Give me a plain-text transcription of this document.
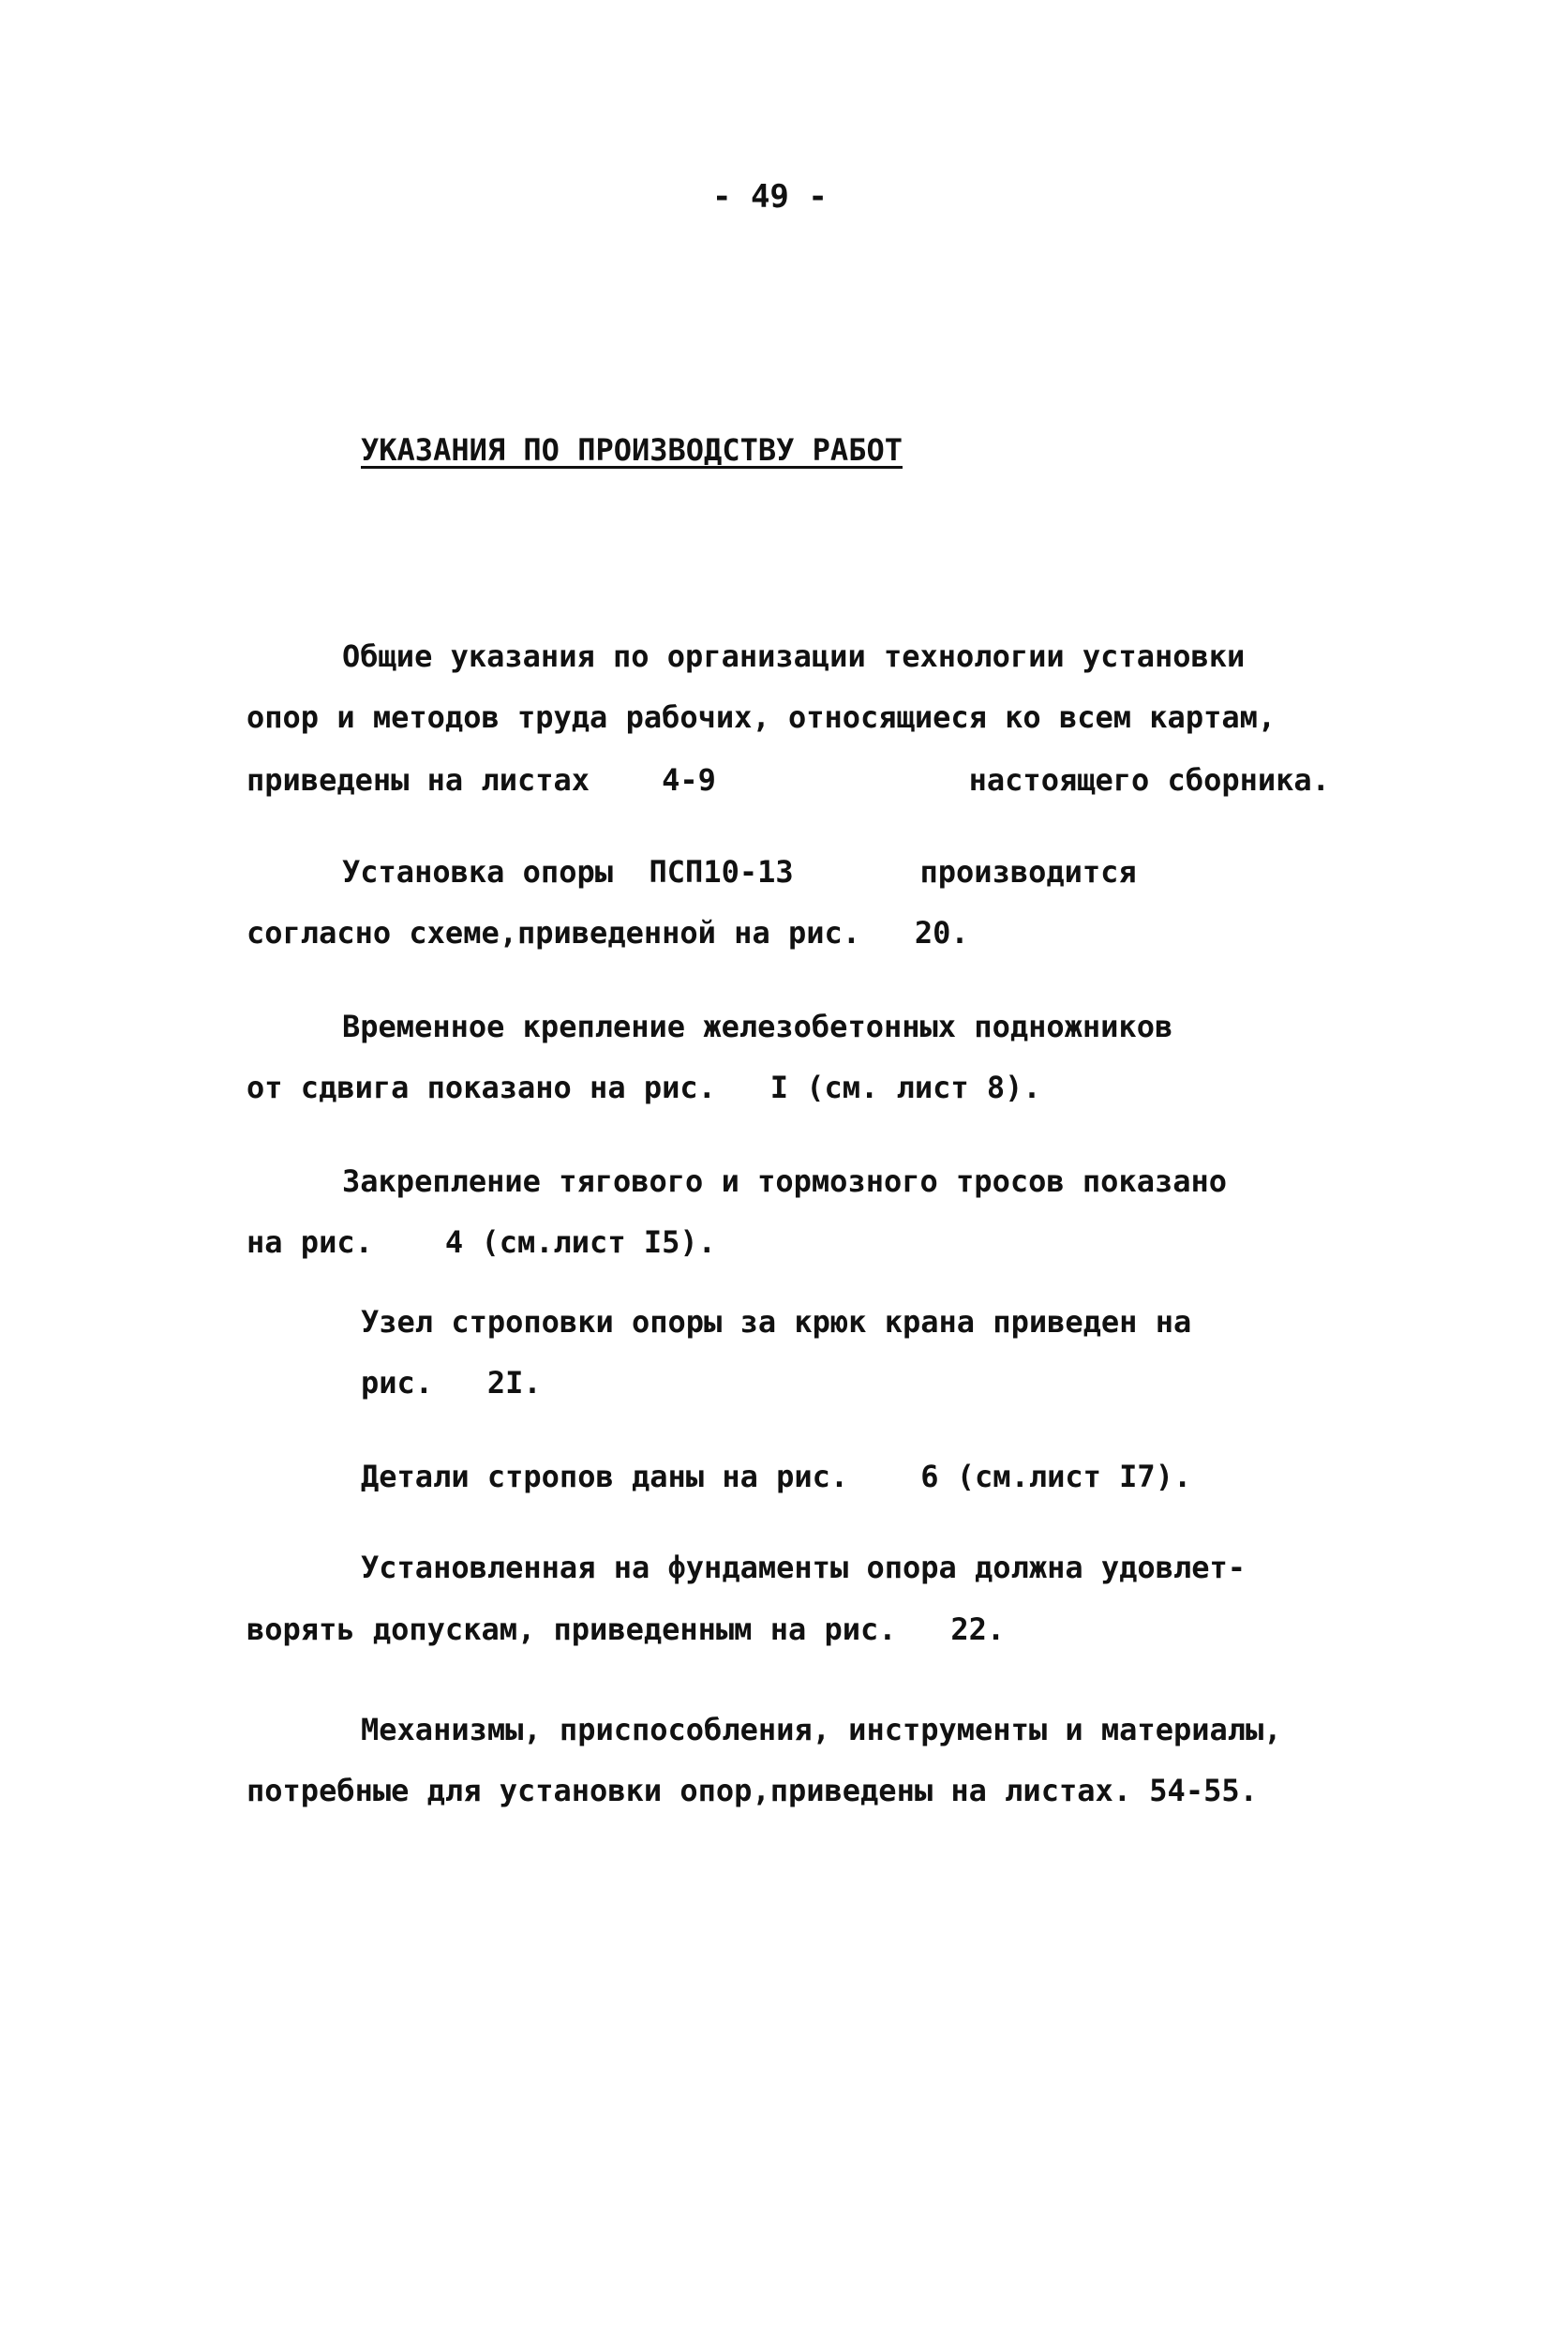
- 49 -
УКАЗАНИЯ ПО ПРОИЗВОДСТВУ РАБОТ
Общие указания по организации технологии установки
опор и методов труда рабочих, относящиеся ко всем картам,
приведены на листах    4-9              настоящего сборника.
Установка опоры  ПСП10-13       производится
согласно схеме,приведенной на рис.   20.
Временное крепление железобетонных подножников
от сдвига показано на рис.   I (см. лист 8).
Закрепление тягового и тормозного тросов показано
на рис.    4 (см.лист I5).
Узел строповки опоры за крюк крана приведен на
рис.   2I.
Детали стропов даны на рис.    6 (см.лист I7).
Установленная на фундаменты опора должна удовлет-
ворять допускам, приведенным на рис.   22.
Механизмы, приспособления, инструменты и материалы,
потребные для установки опор,приведены на листах. 54-55.
